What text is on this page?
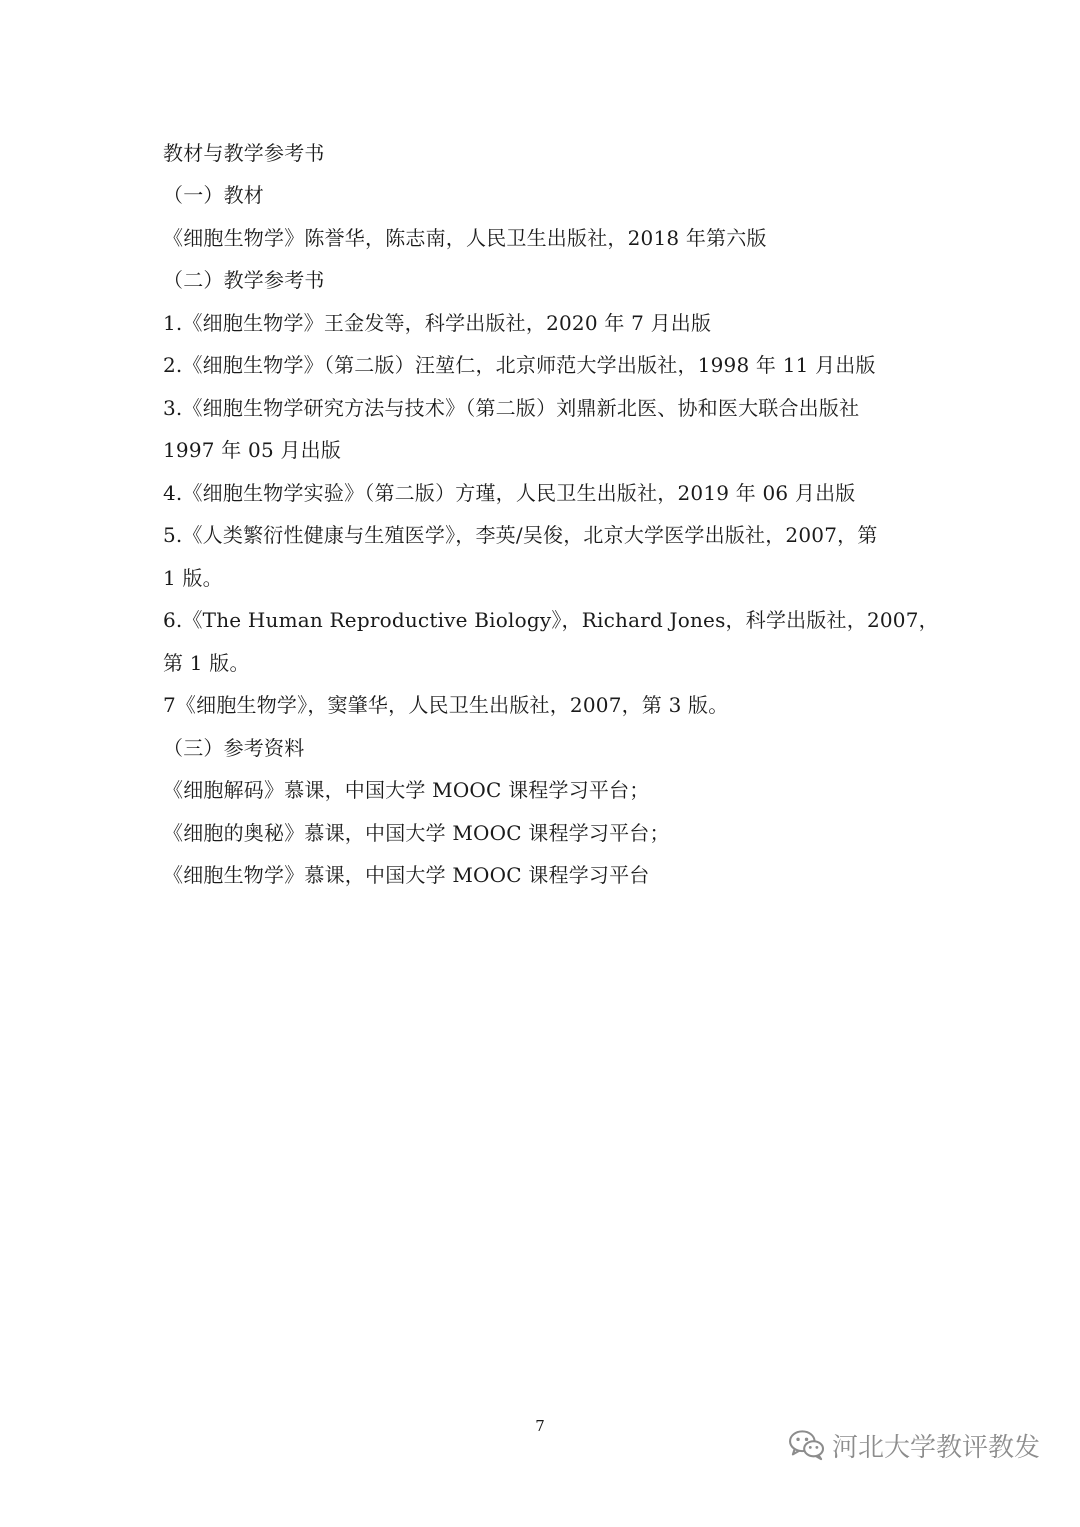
教材与教学参考书
（一）教材
《细胞生物学》陈誉华，陈志南，人民卫生出版社，2018 年第六版
（二）教学参考书
1.《细胞生物学》王金发等，科学出版社，2020 年 7 月出版
2.《细胞生物学》（第二版）汪堃仁，北京师范大学出版社，1998 年 11 月出版
3.《细胞生物学研究方法与技术》（第二版）刘鼎新北医、协和医大联合出版社
1997 年 05 月出版
4.《细胞生物学实验》（第二版）方瑾，人民卫生出版社，2019 年 06 月出版
5.《人类繁衍性健康与生殖医学》，李英/吴俊，北京大学医学出版社，2007，第
1 版。
6.《The Human Reproductive Biology》，Richard Jones，科学出版社，2007，
第 1 版。
7《细胞生物学》，窦肇华，人民卫生出版社，2007，第 3 版。
（三）参考资料
《细胞解码》慕课，中国大学 MOOC 课程学习平台；
《细胞的奥秘》慕课，中国大学 MOOC 课程学习平台；
《细胞生物学》慕课，中国大学 MOOC 课程学习平台
7
河北大学教评教发
